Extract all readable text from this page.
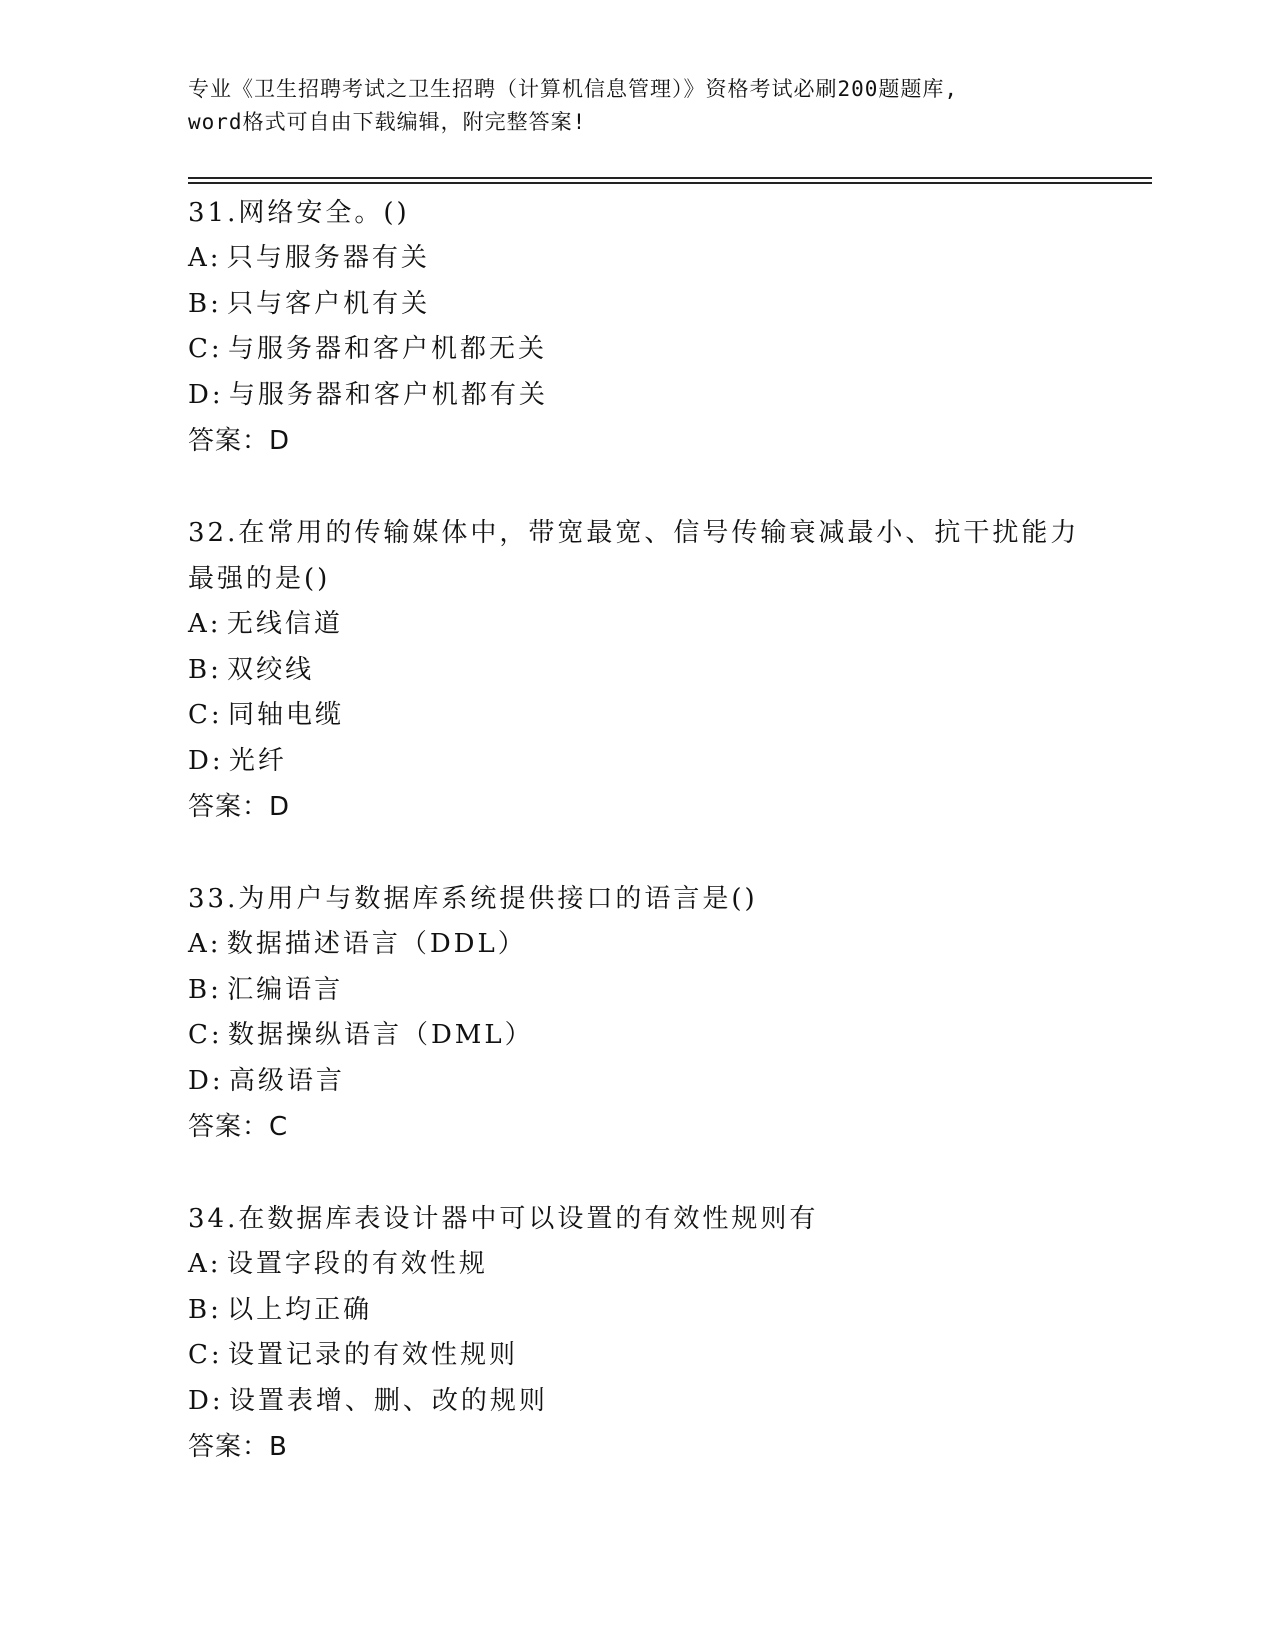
专业《卫生招聘考试之卫生招聘（计算机信息管理）》资格考试必刷200题题库,
word格式可自由下载编辑，附完整答案!
31.网络安全。()
A: 只与服务器有关
B: 只与客户机有关
C: 与服务器和客户机都无关
D: 与服务器和客户机都有关
答案：D
32.在常用的传输媒体中，带宽最宽、信号传输衰减最小、抗干扰能力
最强的是()
A: 无线信道
B: 双绞线
C: 同轴电缆
D: 光纤
答案：D
33.为用户与数据库系统提供接口的语言是()
A: 数据描述语言（DDL）
B: 汇编语言
C: 数据操纵语言（DML）
D: 高级语言
答案：C
34.在数据库表设计器中可以设置的有效性规则有
A: 设置字段的有效性规
B: 以上均正确
C: 设置记录的有效性规则
D: 设置表增、删、改的规则
答案：B
